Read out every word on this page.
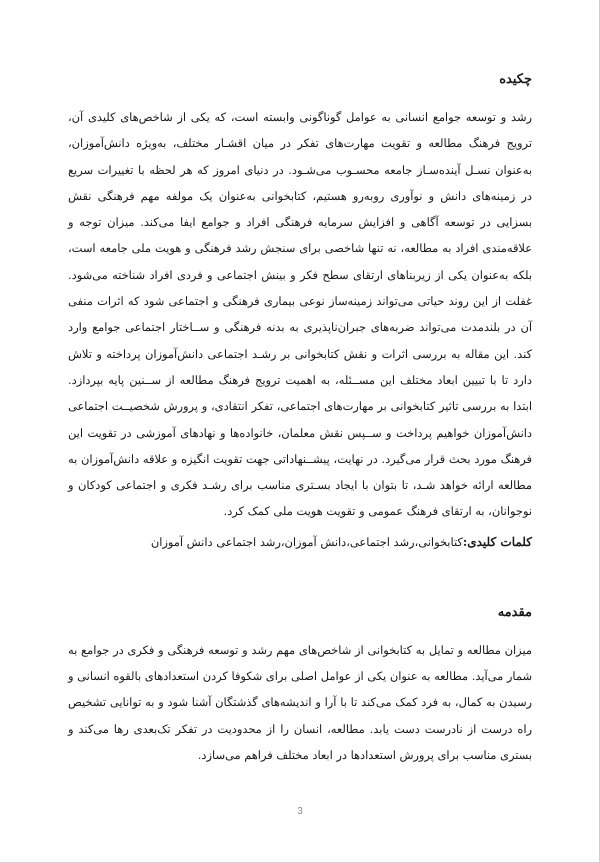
چکیده

رشد و توسعه جوامع انسانی به عوامل گوناگونی وابسته است، که یکی از شاخص‌های کلیدی آن، ترویج فرهنگ مطالعه و تقویت مهارت‌های تفکر در میان اقشـار مختلف، به‌ویژه دانش‌آموزان، به‌عنوان نسـل آینده‌سـاز جامعه محسـوب می‌شـود. در دنیای امروز که هر لحظه با تغییرات سریع در زمینه‌های دانش و نوآوری روبه‌رو هستیم، کتابخوانی به‌عنوان یک مولفه مهم فرهنگی نقش بسزایی در توسعه آگاهی و افزایش سرمایه فرهنگی افراد و جوامع ایفا می‌کند. میزان توجه و علاقه‌مندی افراد به مطالعه، نه تنها شاخصی برای سنجش رشد فرهنگی و هویت ملی جامعه است، بلکه به‌عنوان یکی از زیربناهای ارتقای سطح فکر و بینش اجتماعی و فردی افراد شناخته می‌شود. غفلت از این روند حیاتی می‌تواند زمینه‌ساز نوعی بیماری فرهنگی و اجتماعی شود که اثرات منفی آن در بلندمدت می‌تواند ضربه‌های جبران‌ناپذیری به بدنه فرهنگی و ســاختار اجتماعی جوامع وارد کند. این مقاله به بررسی اثرات و نقش کتابخوانی بر رشـد اجتماعی دانش‌آموزان پرداخته و تلاش دارد تا با تبیین ابعاد مختلف این مســئله، به اهمیت ترویج فرهنگ مطالعه از ســنین پایه بپردازد. ابتدا به بررسی تاثیر کتابخوانی بر مهارت‌های اجتماعی، تفکر انتقادی، و پرورش شخصیــت اجتماعی دانش‌آموزان خواهیم پرداخت و ســپس نقش معلمان، خانواده‌ها و نهادهای آموزشی در تقویت این فرهنگ مورد بحث قرار می‌گیرد. در نهایت، پیشــنهاداتی جهت تقویت انگیزه و علاقه دانش‌آموزان به مطالعه ارائه خواهد شـد، تا بتوان با ایجاد بسـتری مناسب برای رشـد فکری و اجتماعی کودکان و نوجوانان، به ارتقای فرهنگ عمومی و تقویت هویت ملی کمک کرد.

کلمات کلیدی:کتابخوانی،رشد اجتماعی،دانش آموزان،رشد اجتماعی دانش آموزان
مقدمه

میزان مطالعه و تمایل به کتابخوانی از شاخص‌های مهم رشد و توسعه فرهنگی و فکری در جوامع به شمار می‌آید. مطالعه به عنوان یکی از عوامل اصلی برای شکوفا کردن استعدادهای بالقوه انسانی و رسیدن به کمال، به فرد کمک می‌کند تا با آرا و اندیشه‌های گذشتگان آشنا شود و به توانایی تشخیص راه درست از نادرست دست یابد. مطالعه، انسان را از محدودیت در تفکر تک‌بعدی رها می‌کند و بستری مناسب برای پرورش استعدادها در ابعاد مختلف فراهم می‌سازد.

3
